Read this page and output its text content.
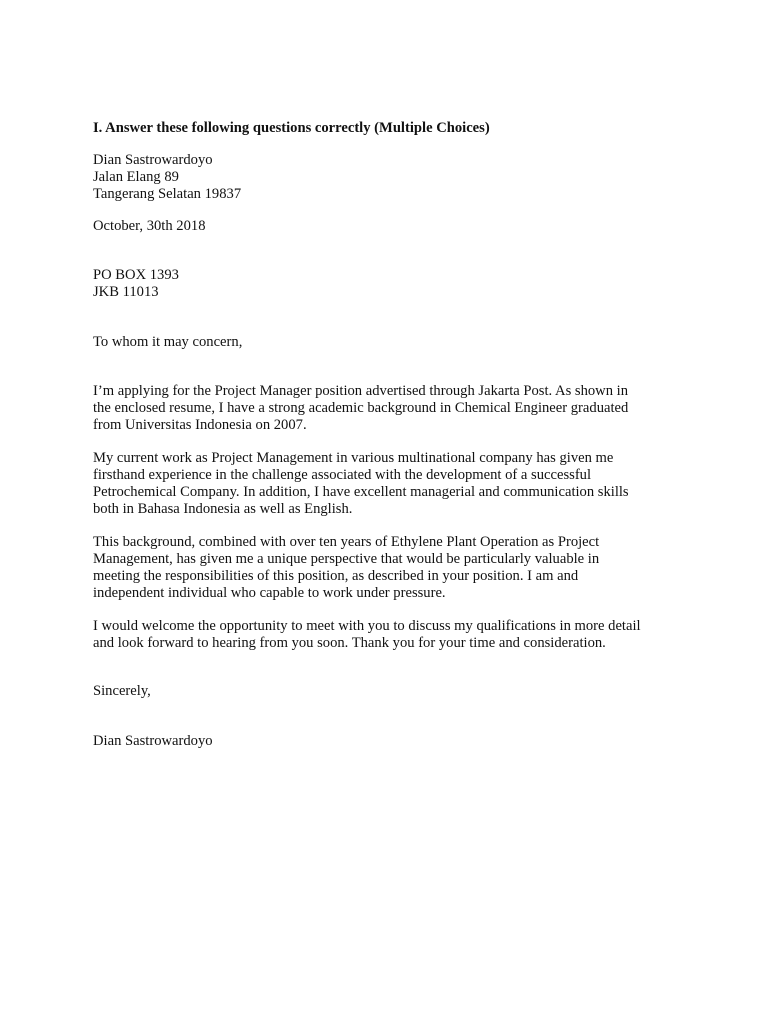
I. Answer these following questions correctly (Multiple Choices)
Dian Sastrowardoyo
Jalan Elang 89
Tangerang Selatan 19837
October, 30th 2018
PO BOX 1393
JKB 11013
To whom it may concern,
I’m applying for the Project Manager position advertised through Jakarta Post. As shown in
the enclosed resume, I have a strong academic background in Chemical Engineer graduated
from Universitas Indonesia on 2007.
My current work as Project Management in various multinational company has given me
firsthand experience in the challenge associated with the development of a successful
Petrochemical Company. In addition, I have excellent managerial and communication skills
both in Bahasa Indonesia as well as English.
This background, combined with over ten years of Ethylene Plant Operation as Project
Management, has given me a unique perspective that would be particularly valuable in
meeting the responsibilities of this position, as described in your position. I am and
independent individual who capable to work under pressure.
I would welcome the opportunity to meet with you to discuss my qualifications in more detail
and look forward to hearing from you soon. Thank you for your time and consideration.
Sincerely,
Dian Sastrowardoyo
